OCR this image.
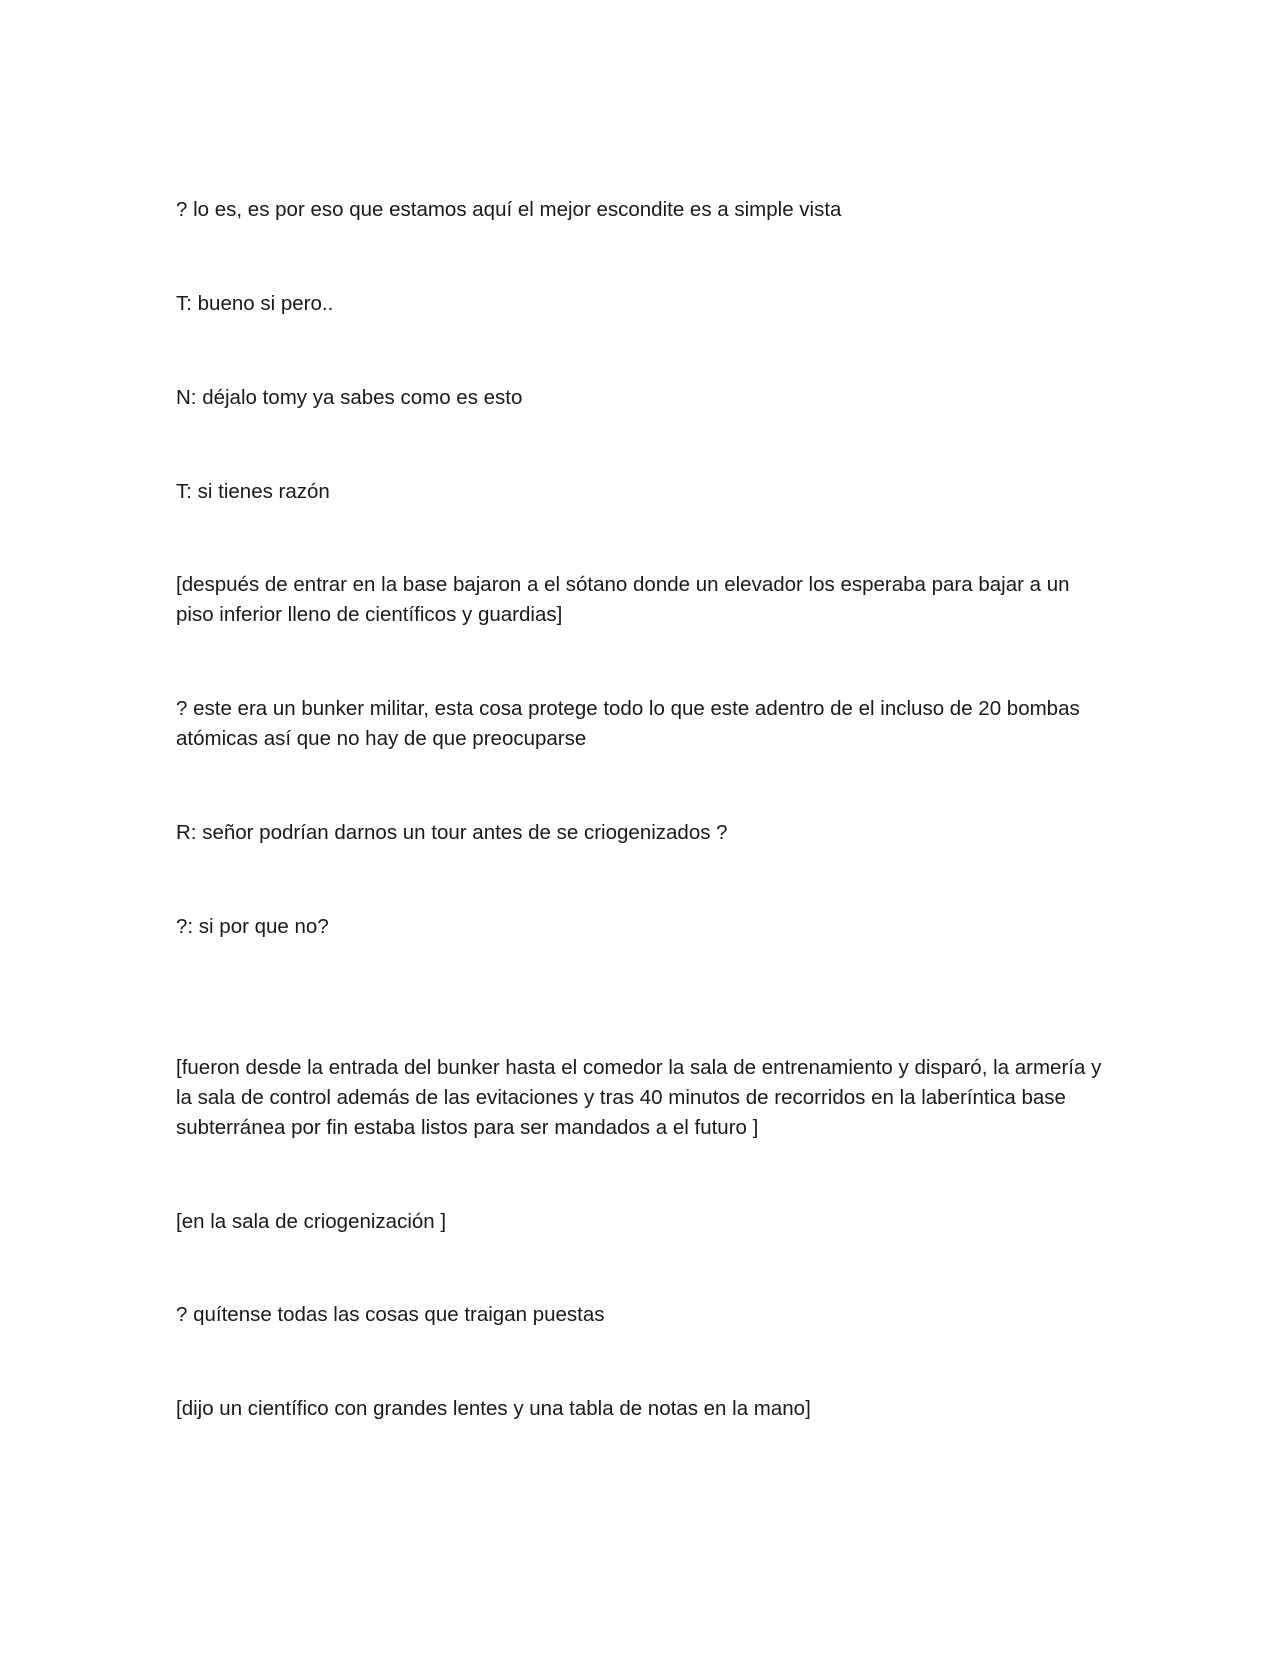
? lo es, es por eso que estamos aquí el mejor escondite es a simple vista

T: bueno si pero..

N: déjalo tomy ya sabes como es esto

T: si tienes razón

[después de entrar en la base bajaron a el sótano donde un elevador los esperaba para bajar a un piso inferior lleno de científicos y guardias]

? este era un bunker militar, esta cosa protege todo lo que este adentro de el incluso de 20 bombas atómicas así que no hay de que preocuparse

R: señor podrían darnos un tour antes de se criogenizados ?

?: si por que no?

[fueron desde la entrada del bunker hasta el comedor la sala de entrenamiento y disparó, la armería y la sala de control además de las evitaciones y tras 40 minutos de recorridos en la laberíntica base subterránea por fin estaba listos para ser mandados a el futuro ]

[en la sala de criogenización ]

? quítense todas las cosas que traigan puestas

[dijo un científico con grandes lentes y una tabla de notas en la mano]
